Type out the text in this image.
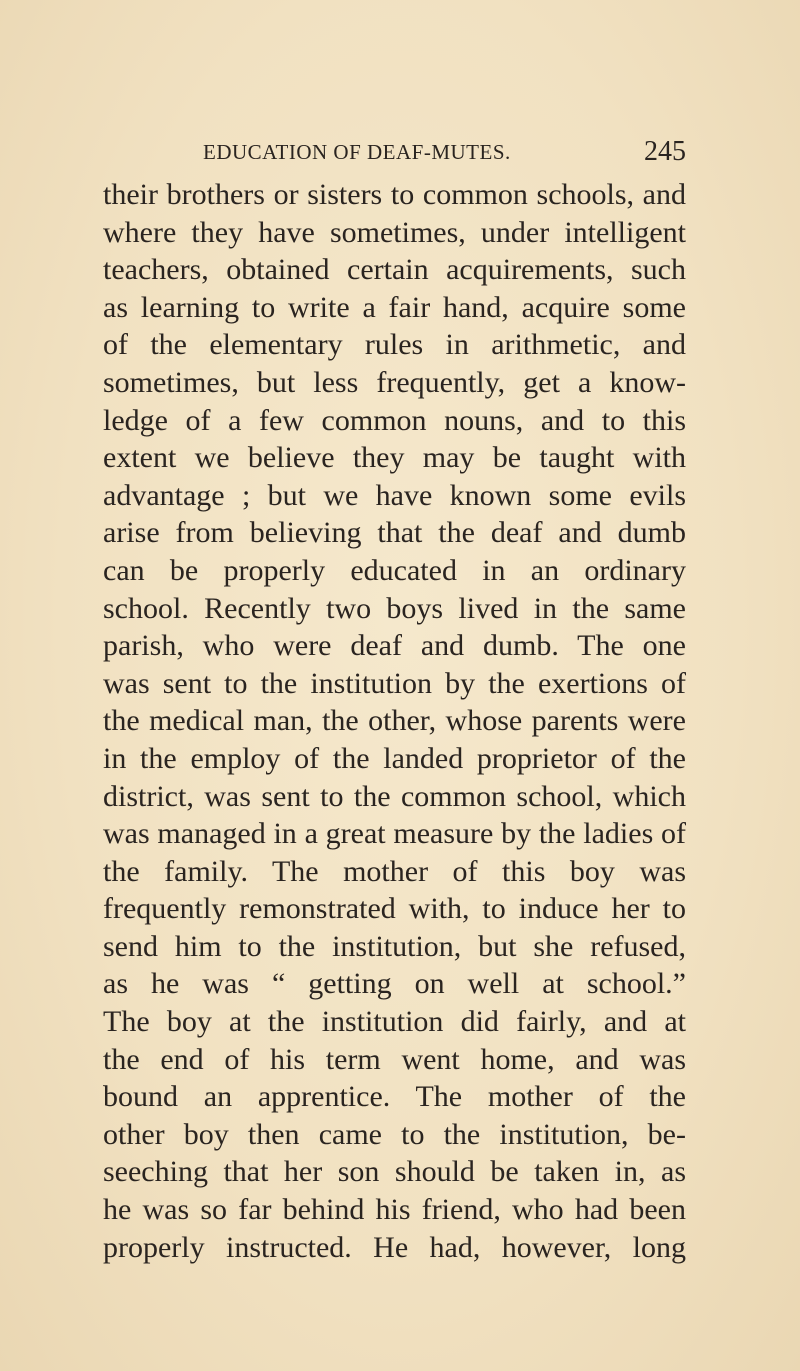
EDUCATION OF DEAF-MUTES.	245
their brothers or sisters to common schools, and
where they have sometimes, under intelligent
teachers, obtained certain acquirements, such
as learning to write a fair hand, acquire some
of the elementary rules in arithmetic, and
sometimes, but less frequently, get a know-
ledge of a few common nouns, and to this
extent we believe they may be taught with
advantage ; but we have known some evils
arise from believing that the deaf and dumb
can be properly educated in an ordinary
school. Recently two boys lived in the same
parish, who were deaf and dumb. The one
was sent to the institution by the exertions of
the medical man, the other, whose parents were
in the employ of the landed proprietor of the
district, was sent to the common school, which
was managed in a great measure by the ladies of
the family. The mother of this boy was
frequently remonstrated with, to induce her to
send him to the institution, but she refused,
as he was “ getting on well at school.”
The boy at the institution did fairly, and at
the end of his term went home, and was
bound an apprentice. The mother of the
other boy then came to the institution, be-
seeching that her son should be taken in, as
he was so far behind his friend, who had been
properly instructed. He had, however, long
